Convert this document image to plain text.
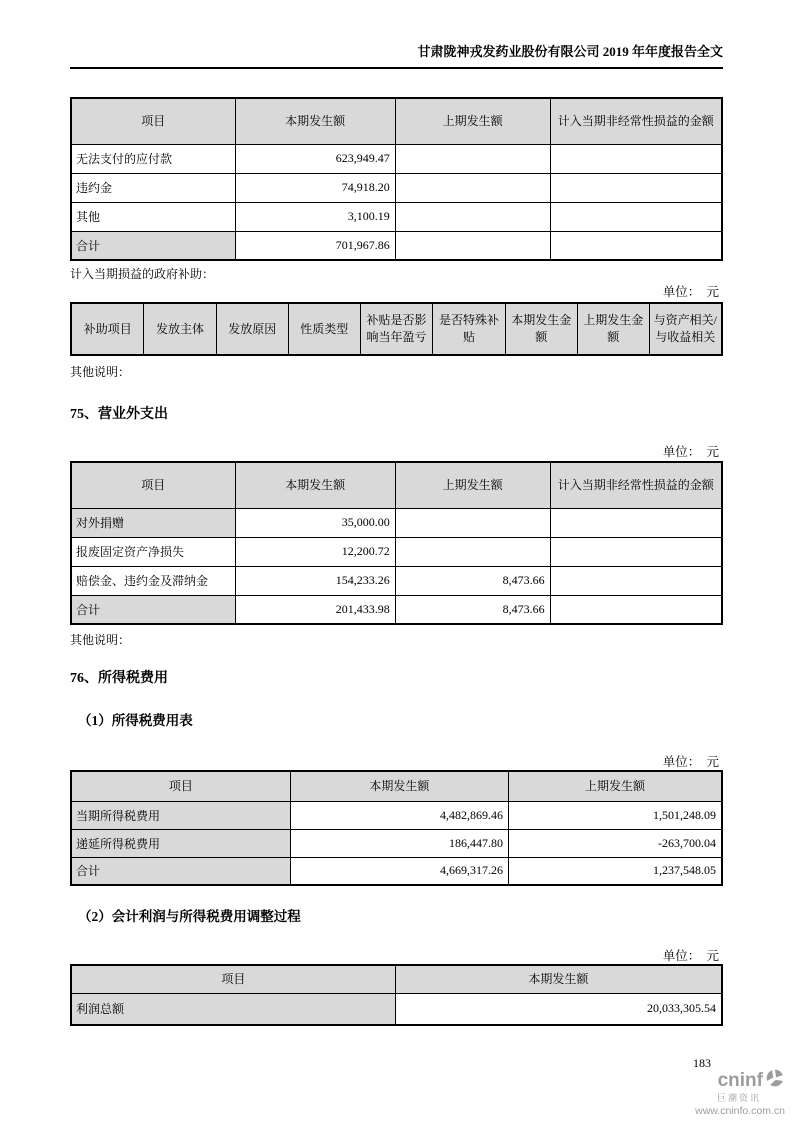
甘肃陇神戎发药业股份有限公司 2019 年年度报告全文
项目	本期发生额	上期发生额	计入当期非经常性损益的金额
无法支付的应付款	623,949.47		
违约金	74,918.20		
其他	3,100.19		
合计	701,967.86		
计入当期损益的政府补助：
单位：　元
补助项目	发放主体	发放原因	性质类型	补贴是否影响当年盈亏	是否特殊补贴	本期发生金额	上期发生金额	与资产相关/与收益相关
其他说明：
75、营业外支出
单位：　元
项目	本期发生额	上期发生额	计入当期非经常性损益的金额
对外捐赠	35,000.00		
报废固定资产净损失	12,200.72		
赔偿金、违约金及滞纳金	154,233.26	8,473.66	
合计	201,433.98	8,473.66	
其他说明：
76、所得税费用
（1）所得税费用表
单位：　元
项目	本期发生额	上期发生额
当期所得税费用	4,482,869.46	1,501,248.09
递延所得税费用	186,447.80	-263,700.04
合计	4,669,317.26	1,237,548.05
（2）会计利润与所得税费用调整过程
单位：　元
项目	本期发生额
利润总额	20,033,305.54
183
cninf
巨潮资讯
www.cninfo.com.cn
